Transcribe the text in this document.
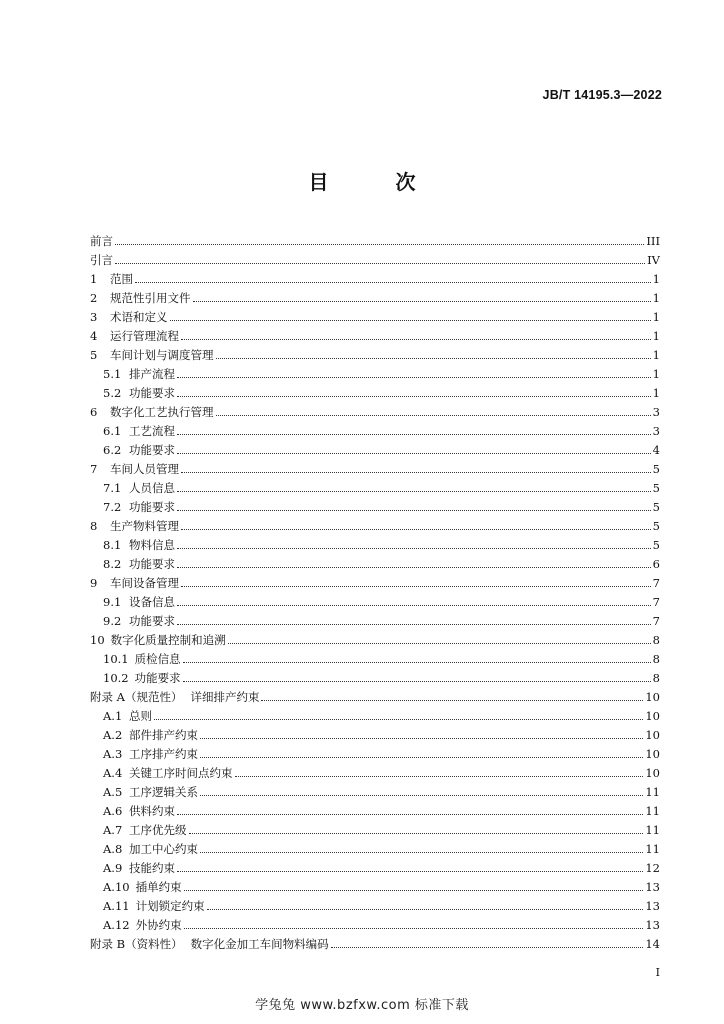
JB/T 14195.3—2022
目 次
前言	III
引言	IV
1	范围	1
2	规范性引用文件	1
3	术语和定义	1
4	运行管理流程	1
5	车间计划与调度管理	1
5.1 排产流程	1
5.2 功能要求	1
6	数字化工艺执行管理	3
6.1 工艺流程	3
6.2 功能要求	4
7	车间人员管理	5
7.1 人员信息	5
7.2 功能要求	5
8	生产物料管理	5
8.1 物料信息	5
8.2 功能要求	6
9	车间设备管理	7
9.1 设备信息	7
9.2 功能要求	7
10 数字化质量控制和追溯	8
10.1 质检信息	8
10.2 功能要求	8
附录 A（规范性） 详细排产约束	10
A.1 总则	10
A.2 部件排产约束	10
A.3 工序排产约束	10
A.4 关键工序时间点约束	10
A.5 工序逻辑关系	11
A.6 供料约束	11
A.7 工序优先级	11
A.8 加工中心约束	11
A.9 技能约束	12
A.10 插单约束	13
A.11 计划锁定约束	13
A.12 外协约束	13
附录 B（资料性） 数字化金加工车间物料编码	14
I
学兔兔 www.bzfxw.com 标准下载
